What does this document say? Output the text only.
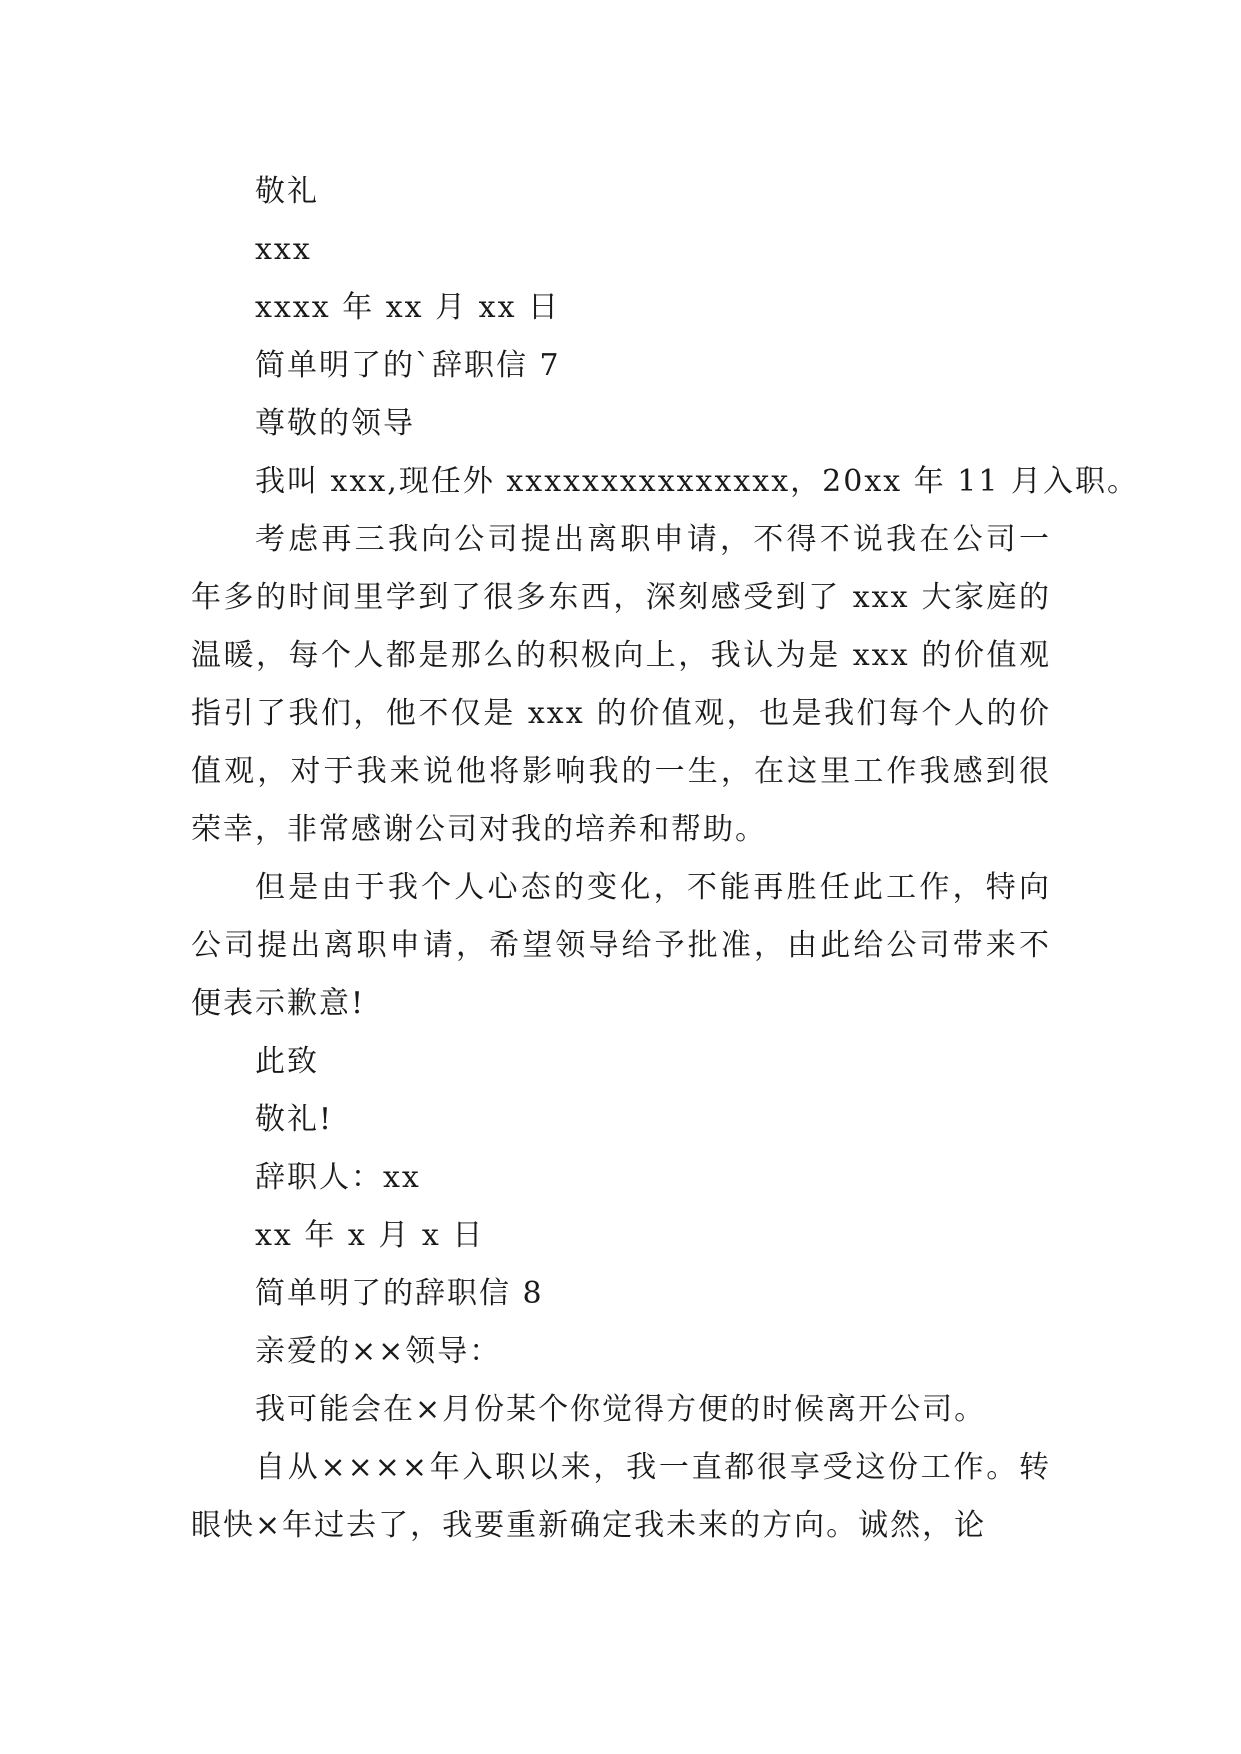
敬礼
xxx
xxxx 年 xx 月 xx 日
简单明了的`辞职信 7
尊敬的领导
我叫 xxx,现任外 xxxxxxxxxxxxxxx，20xx 年 11 月入职。
考虑再三我向公司提出离职申请，不得不说我在公司一年多的时间里学到了很多东西，深刻感受到了 xxx 大家庭的温暖，每个人都是那么的积极向上，我认为是 xxx 的价值观指引了我们，他不仅是 xxx 的价值观，也是我们每个人的价值观，对于我来说他将影响我的一生，在这里工作我感到很荣幸，非常感谢公司对我的培养和帮助。
但是由于我个人心态的变化，不能再胜任此工作，特向公司提出离职申请，希望领导给予批准，由此给公司带来不便表示歉意!
此致
敬礼!
辞职人：xx
xx 年 x 月 x 日
简单明了的辞职信 8
亲爱的××领导：
我可能会在×月份某个你觉得方便的时候离开公司。
自从××××年入职以来，我一直都很享受这份工作。转眼快×年过去了，我要重新确定我未来的方向。诚然，论
